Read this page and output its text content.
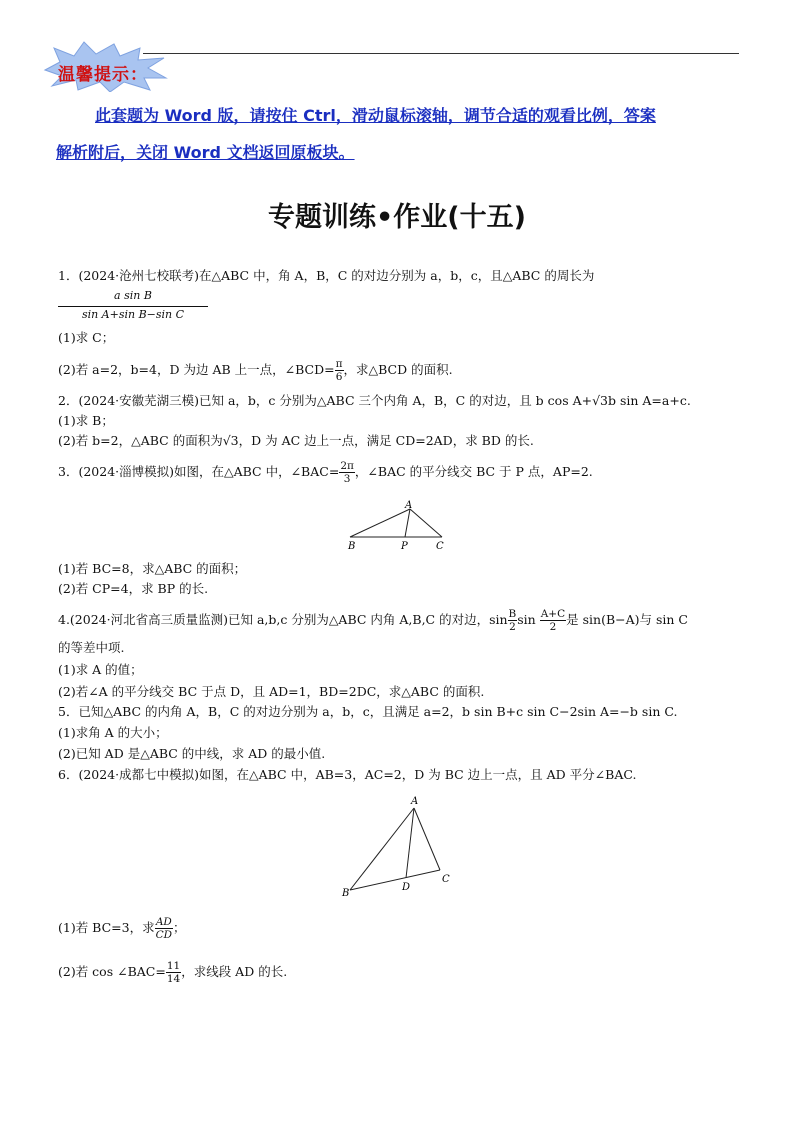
温馨提示：
此套题为 Word 版，请按住 Ctrl，滑动鼠标滚轴，调节合适的观看比例，答案
解析附后，关闭 Word 文档返回原板块。
专题训练•作业(十五)
1．(2024·沧州七校联考)在△ABC 中，角 A，B，C 的对边分别为 a，b，c，且△ABC 的周长为
a sin B
sin A+sin B−sin C
(1)求 C；
(2)若 a=2，b=4，D 为边 AB 上一点，∠BCD= $\frac{\pi}{6}$ ，求△BCD 的面积.
2．(2024·安徽芜湖三模)已知 a，b，c 分别为△ABC 三个内角 A，B，C 的对边，且 b cos A+√3b sin A=a+c.
(1)求 B；
(2)若 b=2，△ABC 的面积为√3，D 为 AC 边上一点，满足 CD=2AD，求 BD 的长.
3．(2024·淄博模拟)如图，在△ABC 中，∠BAC= $\frac{2\pi}{3}$ ，∠BAC 的平分线交 BC 于 P 点，AP=2.
A
B	P	C
(1)若 BC=8，求△ABC 的面积；
(2)若 CP=4，求 BP 的长.
4.(2024·河北省高三质量监测)已知 a,b,c 分别为△ABC 内角 A,B,C 的对边，$\sin \frac{B}{2}$ $\sin \frac{A+C}{2}$ 是 sin(B−A)与 sin C
的等差中项.
(1)求 A 的值；
(2)若∠A 的平分线交 BC 于点 D，且 AD=1，BD=2DC，求△ABC 的面积.
5．已知△ABC 的内角 A，B，C 的对边分别为 a，b，c，且满足 a=2，b sin B+c sin C−2sin A=−b sin C.
(1)求角 A 的大小；
(2)已知 AD 是△ABC 的中线，求 AD 的最小值.
6．(2024·成都七中模拟)如图，在△ABC 中，AB=3，AC=2，D 为 BC 边上一点，且 AD 平分∠BAC.
A
B
D
C
(1)若 BC=3，求 $\frac{AD}{CD}$ ；
(2)若 cos ∠BAC= $\frac{11}{14}$ ，求线段 AD 的长.
